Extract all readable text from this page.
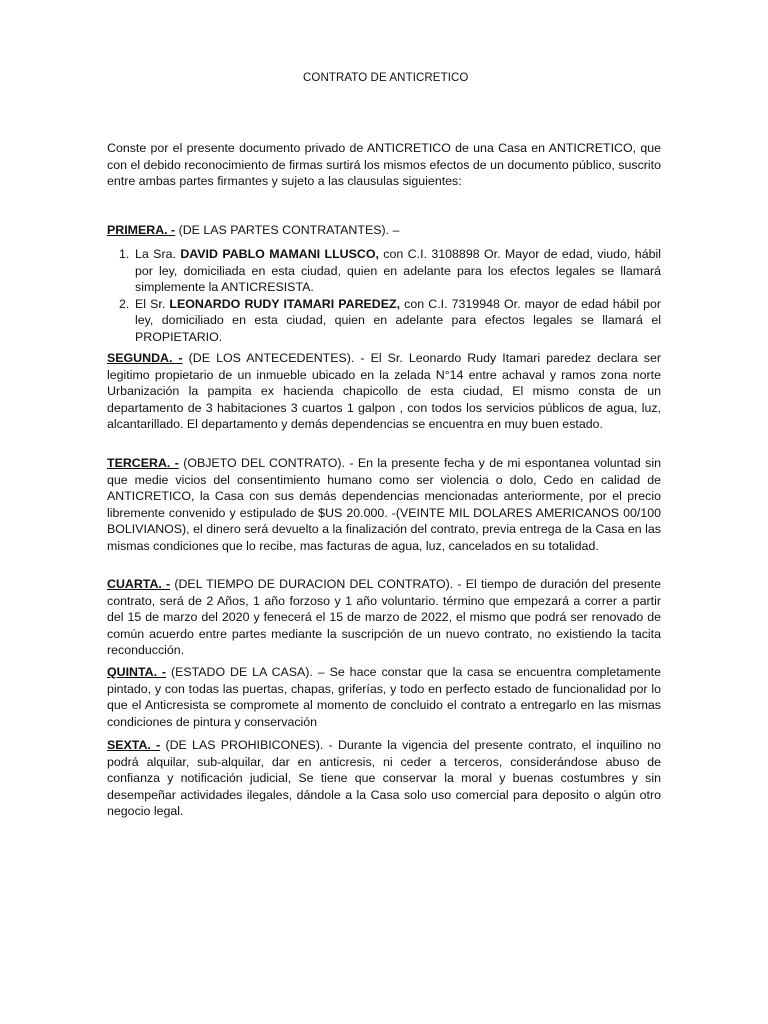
CONTRATO DE ANTICRETICO

Conste por el presente documento privado de ANTICRETICO de una Casa en ANTICRETICO, que con el debido reconocimiento de firmas surtirá los mismos efectos de un documento público, suscrito entre ambas partes firmantes y sujeto a las clausulas siguientes:

PRIMERA. - (DE LAS PARTES CONTRATANTES). –
1. La Sra. DAVID PABLO MAMANI LLUSCO, con C.I. 3108898 Or. Mayor de edad, viudo, hábil por ley, domiciliada en esta ciudad, quien en adelante para los efectos legales se llamará simplemente la ANTICRESISTA.
2. El Sr. LEONARDO RUDY ITAMARI PAREDEZ, con C.I. 7319948 Or. mayor de edad hábil por ley, domiciliado en esta ciudad, quien en adelante para efectos legales se llamará el PROPIETARIO.

SEGUNDA. - (DE LOS ANTECEDENTES). - El Sr. Leonardo Rudy Itamari paredez declara ser legitimo propietario de un inmueble ubicado en la zelada N°14 entre achaval y ramos zona norte Urbanización la pampita ex hacienda chapicollo de esta ciudad, El mismo consta de un departamento de 3 habitaciones 3 cuartos 1 galpon , con todos los servicios públicos de agua, luz, alcantarillado. El departamento y demás dependencias se encuentra en muy buen estado.

TERCERA. - (OBJETO DEL CONTRATO). - En la presente fecha y de mi espontanea voluntad sin que medie vicios del consentimiento humano como ser violencia o dolo, Cedo en calidad de ANTICRETICO, la Casa con sus demás dependencias mencionadas anteriormente, por el precio libremente convenido y estipulado de $US 20.000. -(VEINTE MIL DOLARES AMERICANOS 00/100 BOLIVIANOS), el dinero será devuelto a la finalización del contrato, previa entrega de la Casa en las mismas condiciones que lo recibe, mas facturas de agua, luz, cancelados en su totalidad.

CUARTA. - (DEL TIEMPO DE DURACION DEL CONTRATO). - El tiempo de duración del presente contrato, será de 2 Años, 1 año forzoso y 1 año voluntario. término que empezará a correr a partir del 15 de marzo del 2020 y fenecerá el 15 de marzo de 2022, el mismo que podrá ser renovado de común acuerdo entre partes mediante la suscripción de un nuevo contrato, no existiendo la tacita reconducción.

QUINTA. - (ESTADO DE LA CASA). – Se hace constar que la casa se encuentra completamente pintado, y con todas las puertas, chapas, griferías, y todo en perfecto estado de funcionalidad por lo que el Anticresista se compromete al momento de concluido el contrato a entregarlo en las mismas condiciones de pintura y conservación

SEXTA. - (DE LAS PROHIBICONES). - Durante la vigencia del presente contrato, el inquilino no podrá alquilar, sub-alquilar, dar en anticresis, ni ceder a terceros, considerándose abuso de confianza y notificación judicial, Se tiene que conservar la moral y buenas costumbres y sin desempeñar actividades ilegales, dándole a la Casa solo uso comercial para deposito o algún otro negocio legal.
